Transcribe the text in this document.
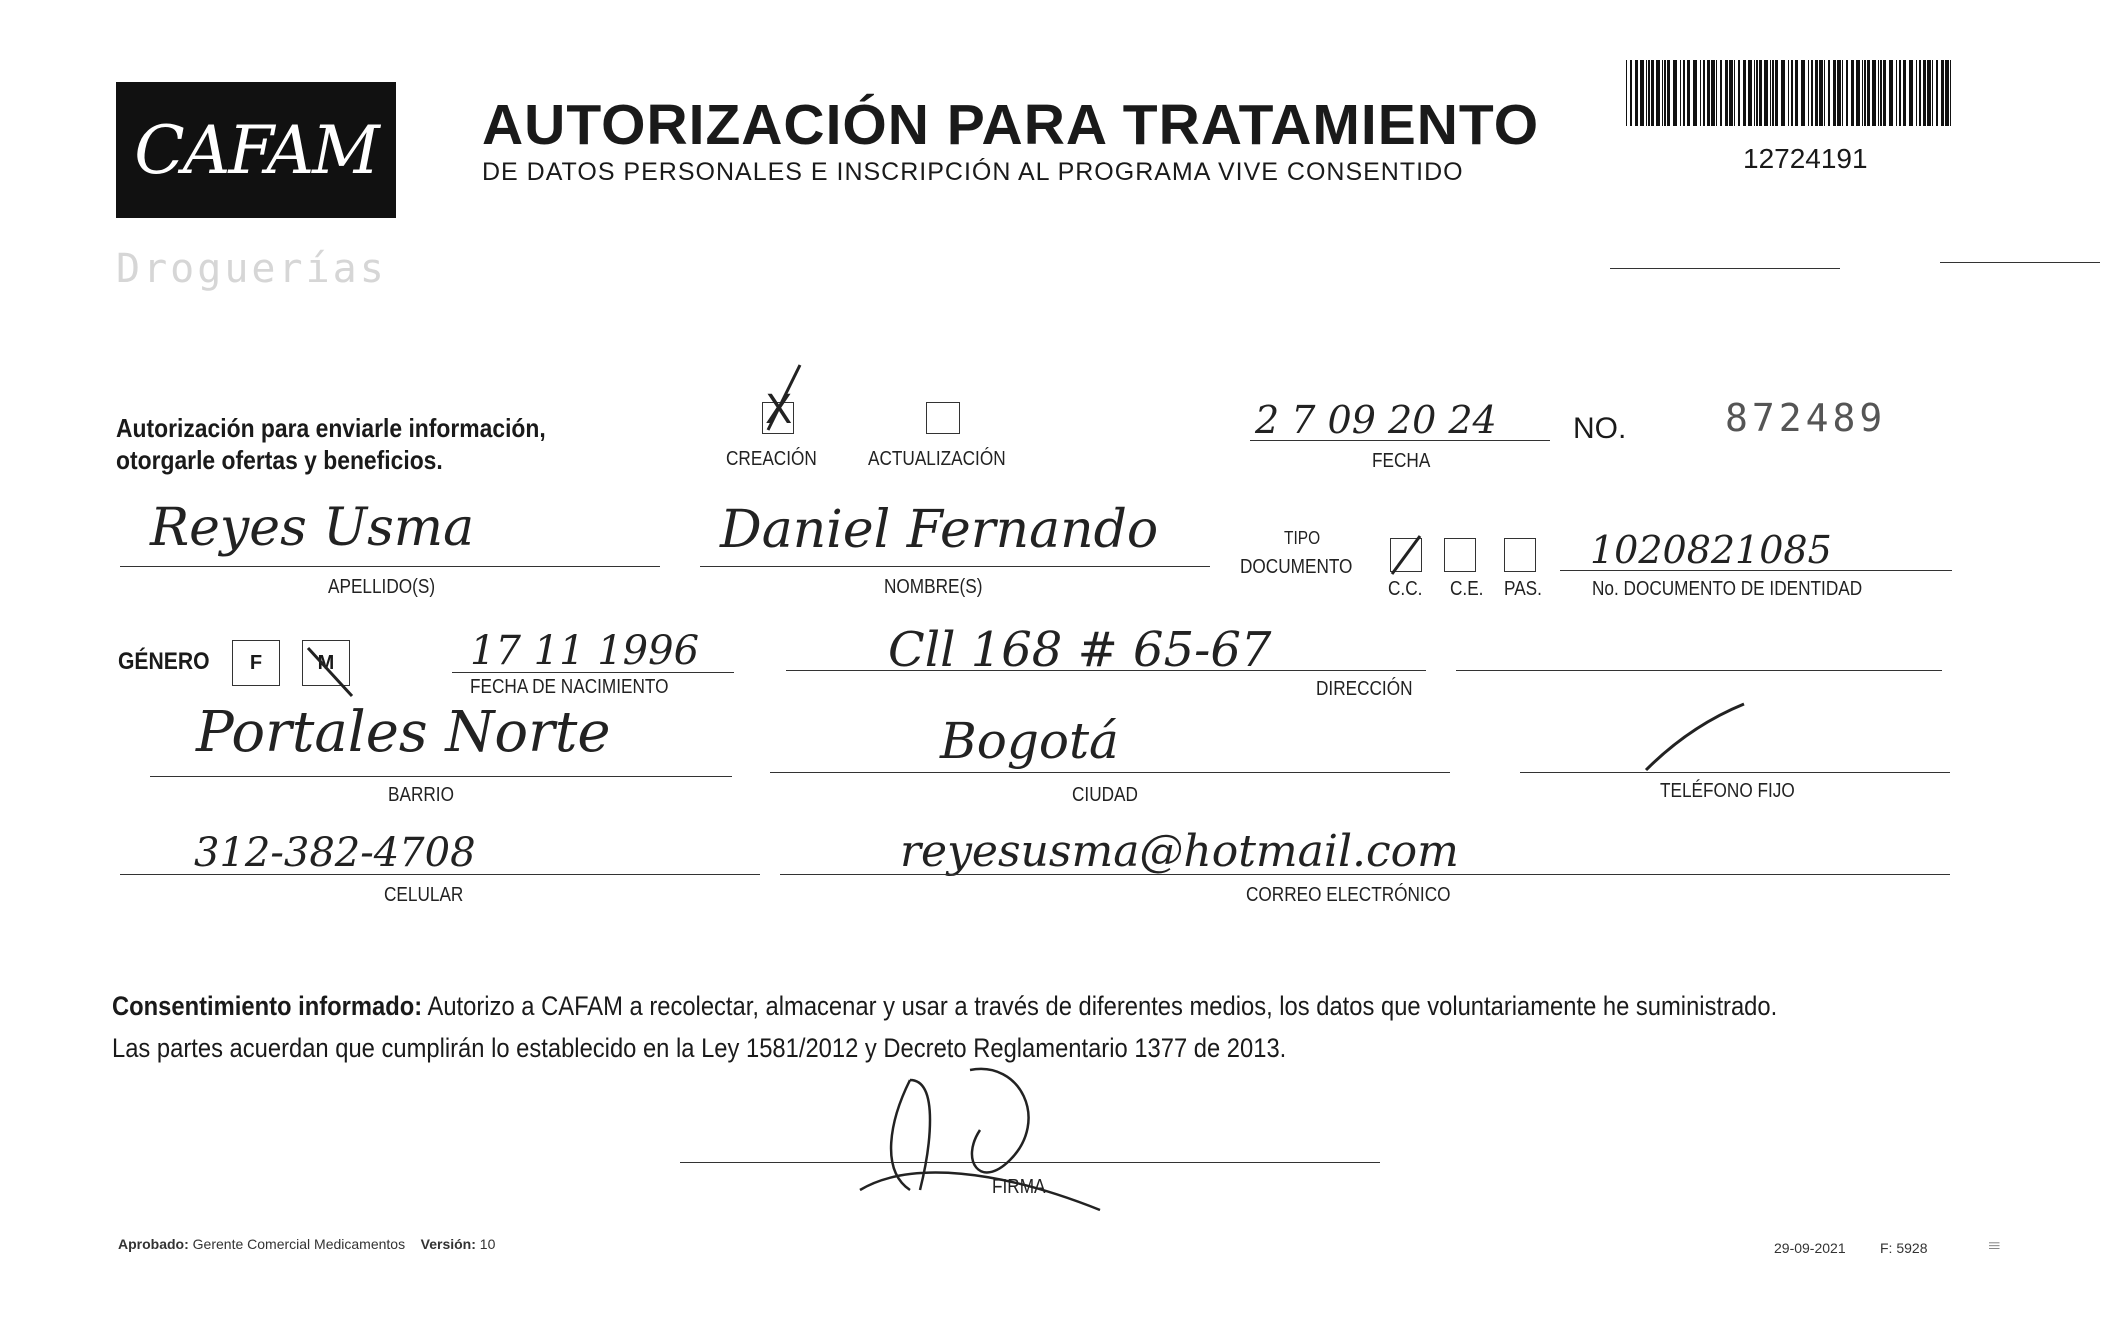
CAFAM
Droguerías
AUTORIZACIÓN PARA TRATAMIENTO
DE DATOS PERSONALES E INSCRIPCIÓN AL PROGRAMA VIVE CONSENTIDO	12724191
Autorización para enviarle información,
otorgarle ofertas y beneficios.
X
CREACIÓN	ACTUALIZACIÓN
2 7 09 20 24
FECHA
NO.	872489
Reyes Usma
APELLIDO(S)
Daniel Fernando
NOMBRE(S)
TIPO
DOCUMENTO
C.C. C.E. PAS.
1020821085
No. DOCUMENTO DE IDENTIDAD
GÉNERO F	M	17 11 1996
FECHA DE NACIMIENTO
Cll 168 # 65-67
DIRECCIÓN
Portales Norte
BARRIO
Bogotá
CIUDAD	TELÉFONO FIJO
312-382-4708
CELULAR
reyesusma@hotmail.com
CORREO ELECTRÓNICO
Consentimiento informado: Autorizo a CAFAM a recolectar, almacenar y usar a través de diferentes medios, los datos que voluntariamente he suministrado.
Las partes acuerdan que cumplirán lo establecido en la Ley 1581/2012 y Decreto Reglamentario 1377 de 2013.
FIRMA
Aprobado: Gerente Comercial Medicamentos Versión: 10	29-09-2021 F: 5928	|||
